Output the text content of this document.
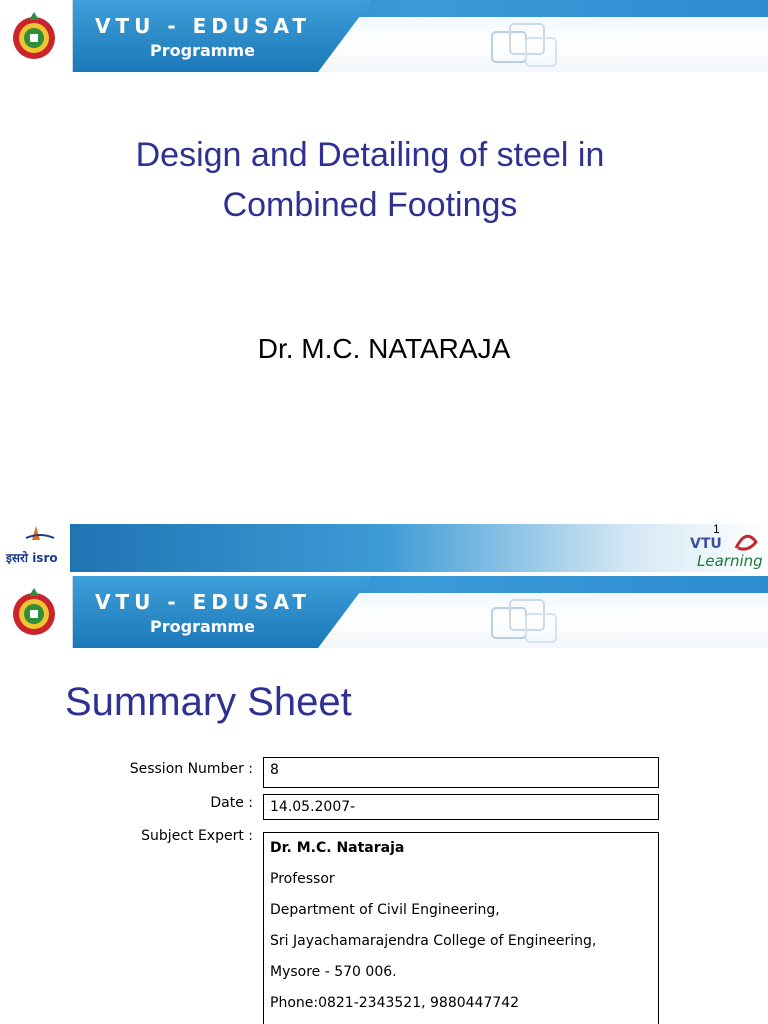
VTU - EDUSAT
Programme
Design and Detailing of steel in
Combined Footings
Dr. M.C. NATARAJA
इसरो isro
1
VTU
Learning
VTU - EDUSAT
Programme
Summary Sheet
Session Number :	8
Date :	14.05.2007-
Subject Expert :
Dr. M.C. Nataraja
Professor
Department of Civil Engineering,
Sri Jayachamarajendra College of Engineering,
Mysore - 570 006.
Phone:0821-2343521, 9880447742
